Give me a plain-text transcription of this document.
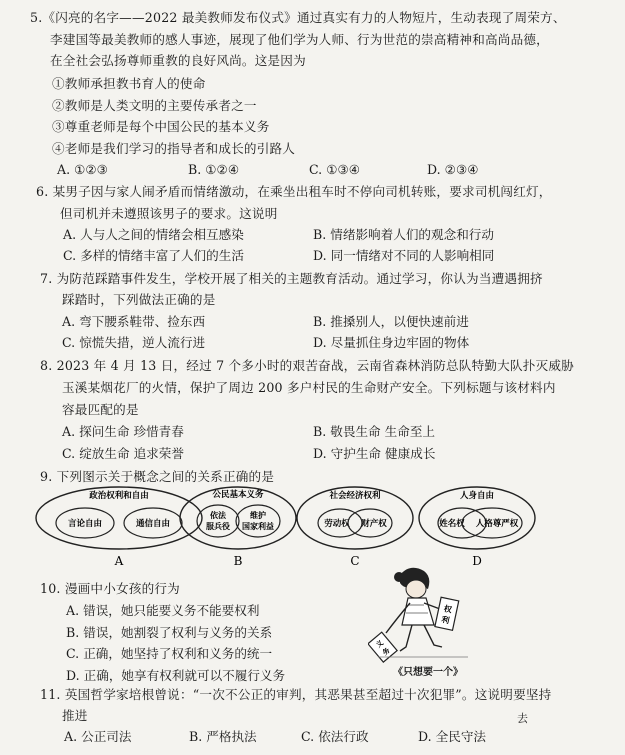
5.《闪亮的名字——2022 最美教师发布仪式》通过真实有力的人物短片，生动表现了周荣方、
李建国等最美教师的感人事迹，展现了他们学为人师、行为世范的崇高精神和高尚品德，
在全社会弘扬尊师重教的良好风尚。这是因为
①教师承担教书育人的使命
②教师是人类文明的主要传承者之一
③尊重老师是每个中国公民的基本义务
④老师是我们学习的指导者和成长的引路人
A. ①②③	B. ①②④	C. ①③④	D. ②③④
6. 某男子因与家人闹矛盾而情绪激动，在乘坐出租车时不停向司机转账，要求司机闯红灯，
但司机并未遵照该男子的要求。这说明
A. 人与人之间的情绪会相互感染	B. 情绪影响着人们的观念和行动
C. 多样的情绪丰富了人们的生活	D. 同一情绪对不同的人影响相同
7. 为防范踩踏事件发生，学校开展了相关的主题教育活动。通过学习，你认为当遭遇拥挤
踩踏时，下列做法正确的是
A. 弯下腰系鞋带、捡东西	B. 推搡别人，以便快速前进
C. 惊慌失措，逆人流行进	D. 尽量抓住身边牢固的物体
8. 2023 年 4 月 13 日，经过 7 个多小时的艰苦奋战，云南省森林消防总队特勤大队扑灭威胁
玉溪某烟花厂的火情，保护了周边 200 多户村民的生命财产安全。下列标题与该材料内
容最匹配的是
A. 探问生命 珍惜青春	B. 敬畏生命 生命至上
C. 绽放生命 追求荣誉	D. 守护生命 健康成长
9. 下列图示关于概念之间的关系正确的是
政治权利和自由
言论自由	通信自由
A
公民基本义务
依法
服兵役
维护
国家利益
B
社会经济权利
劳动权 财产权
C
人身自由
姓名权 人格尊严权
D
10. 漫画中小女孩的行为
A. 错误，她只能要义务不能要权利
B. 错误，她割裂了权利与义务的关系
C. 正确，她坚持了权利和义务的统一
D. 正确，她享有权利就可以不履行义务
权
利
义
务
《只想要一个》
11. 英国哲学家培根曾说：“一次不公正的审判，其恶果甚至超过十次犯罪”。这说明要坚持
推进
A. 公正司法	B. 严格执法	C. 依法行政	D. 全民守法
去
